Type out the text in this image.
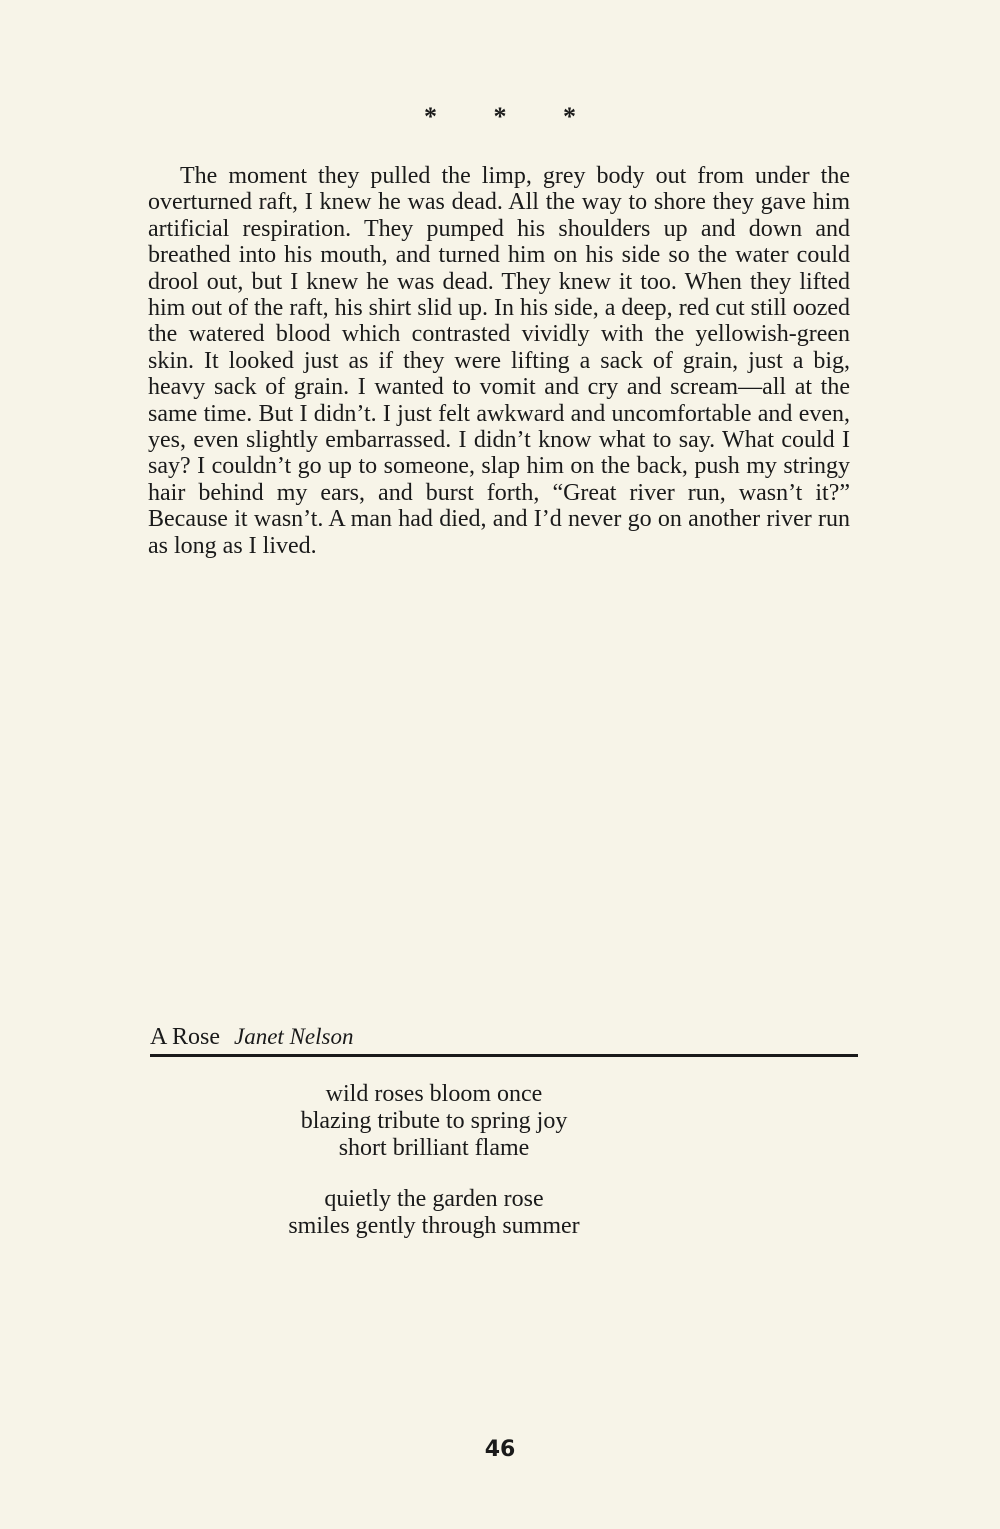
* * *

The moment they pulled the limp, grey body out from under the overturned raft, I knew he was dead. All the way to shore they gave him artificial respiration. They pumped his shoulders up and down and breathed into his mouth, and turned him on his side so the water could drool out, but I knew he was dead. They knew it too. When they lifted him out of the raft, his shirt slid up. In his side, a deep, red cut still oozed the watered blood which contrasted vividly with the yellowish-green skin. It looked just as if they were lifting a sack of grain, just a big, heavy sack of grain. I wanted to vomit and cry and scream—all at the same time. But I didn’t. I just felt awkward and uncomfortable and even, yes, even slightly embarrassed. I didn’t know what to say. What could I say? I couldn’t go up to someone, slap him on the back, push my stringy hair behind my ears, and burst forth, “Great river run, wasn’t it?” Because it wasn’t. A man had died, and I’d never go on another river run as long as I lived.

A Rose Janet Nelson
wild roses bloom once
blazing tribute to spring joy
short brilliant flame
quietly the garden rose
smiles gently through summer
46
